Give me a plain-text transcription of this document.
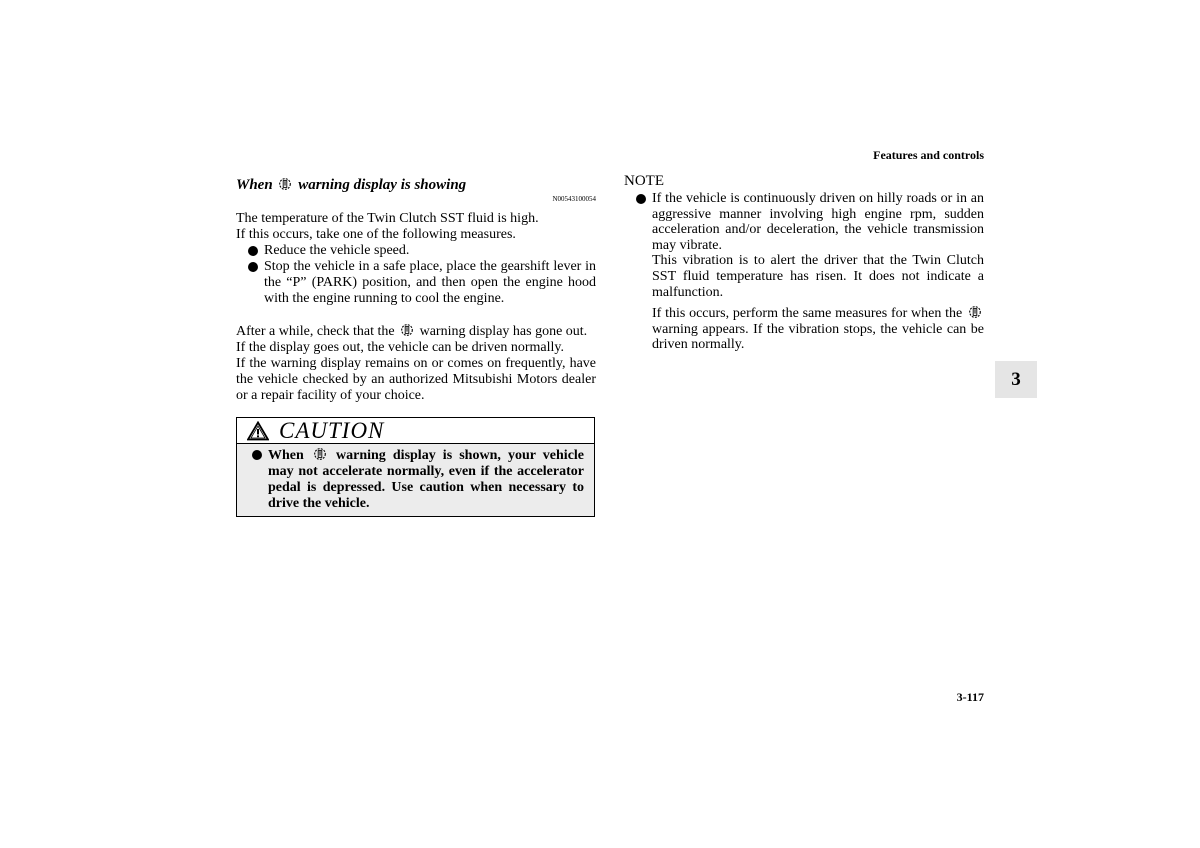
Features and controls
3
3-117
When warning display is showing

N00543100054

The temperature of the Twin Clutch SST fluid is high.

If this occurs, take one of the following measures.

Reduce the vehicle speed.
Stop the vehicle in a safe place, place the gearshift lever in the “P” (PARK) position, and then open the engine hood with the engine running to cool the engine.

After a while, check that the warning display has gone out.

If the display goes out, the vehicle can be driven normally.

If the warning display remains on or comes on frequently, have the vehicle checked by an authorized Mitsubishi Motors dealer or a repair facility of your choice.

CAUTION
When warning display is shown, your vehicle may not accelerate normally, even if the accelerator pedal is depressed. Use caution when necessary to drive the vehicle.

NOTE

If the vehicle is continuously driven on hilly roads or in an aggressive manner involving high engine rpm, sudden acceleration and/or deceleration, the vehicle transmission may vibrate.

This vibration is to alert the driver that the Twin Clutch SST fluid temperature has risen. It does not indicate a malfunction.

If this occurs, perform the same measures for when the  warning appears. If the vibration stops, the vehicle can be driven normally.
